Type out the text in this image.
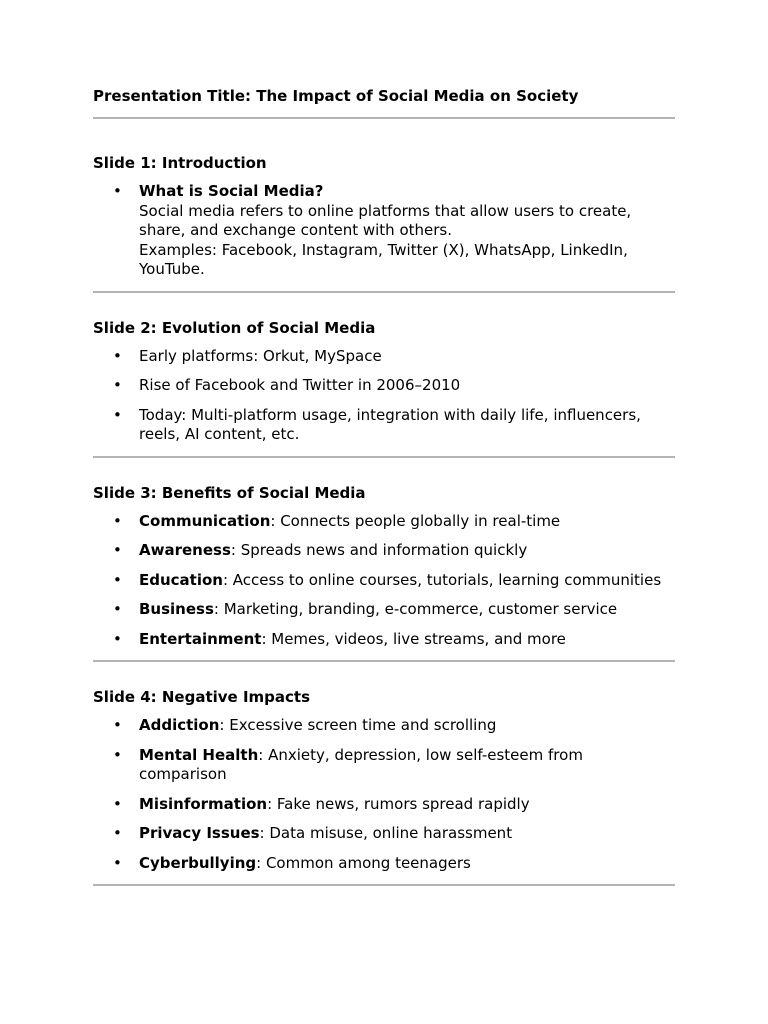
Presentation Title: The Impact of Social Media on Society

Slide 1: Introduction

• What is Social Media?
Social media refers to online platforms that allow users to create,
share, and exchange content with others.
Examples: Facebook, Instagram, Twitter (X), WhatsApp, LinkedIn,
YouTube.

Slide 2: Evolution of Social Media

• Early platforms: Orkut, MySpace
• Rise of Facebook and Twitter in 2006–2010
• Today: Multi-platform usage, integration with daily life, influencers, reels, AI content, etc.

Slide 3: Benefits of Social Media

• Communication: Connects people globally in real-time
• Awareness: Spreads news and information quickly
• Education: Access to online courses, tutorials, learning communities
• Business: Marketing, branding, e-commerce, customer service
• Entertainment: Memes, videos, live streams, and more

Slide 4: Negative Impacts

• Addiction: Excessive screen time and scrolling
• Mental Health: Anxiety, depression, low self-esteem from comparison
• Misinformation: Fake news, rumors spread rapidly
• Privacy Issues: Data misuse, online harassment
• Cyberbullying: Common among teenagers
